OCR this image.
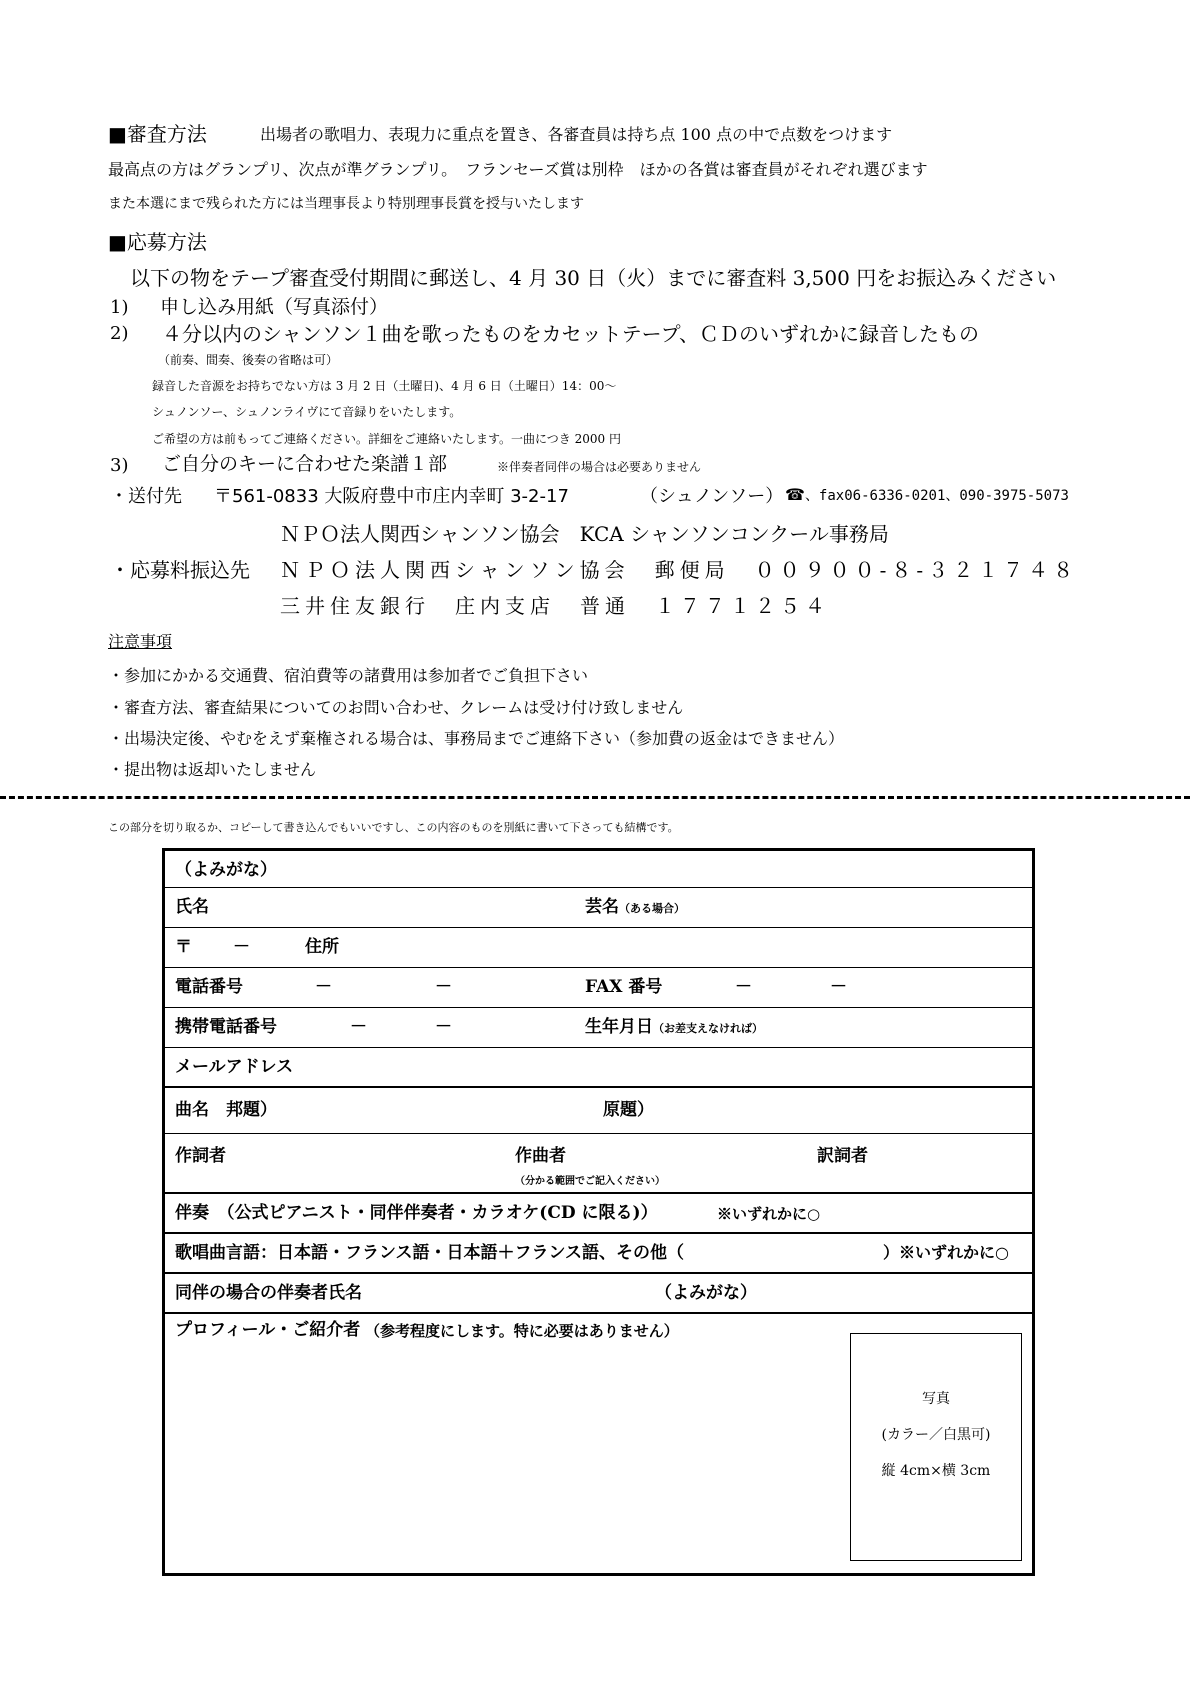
■審査方法	出場者の歌唱力、表現力に重点を置き、各審査員は持ち点 100 点の中で点数をつけます
最高点の方はグランプリ、次点が準グランプリ。　フランセーズ賞は別枠　ほかの各賞は審査員がそれぞれ選びます
また本選にまで残られた方には当理事長より特別理事長賞を授与いたします
■応募方法
以下の物をテープ審査受付期間に郵送し、4 月 30 日（火）までに審査料 3,500 円をお振込みください
1) 申し込み用紙（写真添付）
2) ４分以内のシャンソン１曲を歌ったものをカセットテープ、ＣＤのいずれかに録音したもの
（前奏、間奏、後奏の省略は可）
録音した音源をお持ちでない方は 3 月 2 日（土曜日)、4 月 6 日（土曜日）14：00～
シュノンソー、シュノンライヴにて音録りをいたします。
ご希望の方は前もってご連絡ください。詳細をご連絡いたします。一曲につき 2000 円
3) ご自分のキーに合わせた楽譜１部	※伴奏者同伴の場合は必要ありません
・送付先 〒561-0833 大阪府豊中市庄内幸町 3-2-17	（シュノンソー） ☎、fax06-6336-0201、090-3975-5073
ＮＰＯ法人関西シャンソン協会　KCA シャンソンコンクール事務局
・応募料振込先 ＮＰＯ法人関西シャンソン協会　郵便局　００９００-８-３２１７４８
三井住友銀行　庄内支店　普通　１７７１２５４
注意事項
・参加にかかる交通費、宿泊費等の諸費用は参加者でご負担下さい
・審査方法、審査結果についてのお問い合わせ、クレームは受け付け致しません
・出場決定後、やむをえず棄権される場合は、事務局までご連絡下さい（参加費の返金はできません）
・提出物は返却いたしません
この部分を切り取るか、コピーして書き込んでもいいですし、この内容のものを別紙に書いて下さっても結構です。
（よみがな）
氏名	芸名（ある場合）
〒 －	住所
電話番号	－	－	FAX 番号	－	－
携帯電話番号	－	－	生年月日（お差支えなければ）
メールアドレス
曲名　邦題）	原題）
作詞者	作曲者	訳詞者
（分かる範囲でご記入ください）
伴奏　（公式ピアニスト・同伴伴奏者・カラオケ(CD に限る)）	※いずれかに○
歌唱曲言語：日本語・フランス語・日本語＋フランス語、その他（	）※いずれかに○
同伴の場合の伴奏者氏名	（よみがな）
プロフィール・ご紹介者 （参考程度にします。特に必要はありません）
写真
(カラー／白黒可)
縦 4cm×横 3cm
